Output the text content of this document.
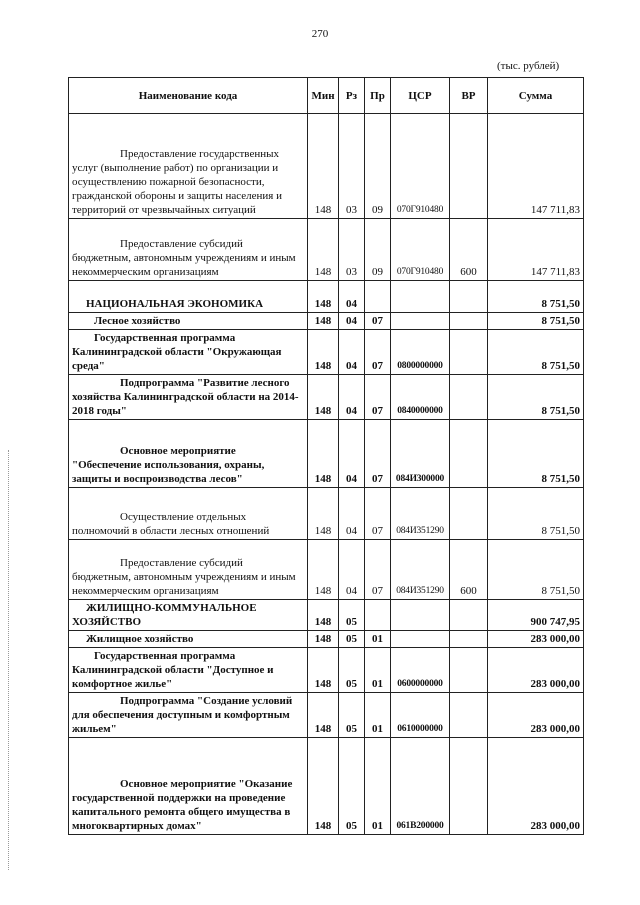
270
(тыс. рублей)
Наименование кода	Мин	Рз	Пр	ЦСР	ВР	Сумма

Предоставление государственных услуг (выполнение работ) по организации и осуществлению пожарной безопасности, гражданской обороны и защиты населения и территорий от чрезвычайных ситуаций	148	03	09	070Г910480		147 711,83
Предоставление субсидий бюджетным, автономным учреждениям и иным некоммерческим организациям	148	03	09	070Г910480	600	147 711,83
НАЦИОНАЛЬНАЯ ЭКОНОМИКА	148	04				8 751,50
Лесное хозяйство	148	04	07			8 751,50
Государственная программа Калининградской области "Окружающая среда"	148	04	07	0800000000		8 751,50
Подпрограмма "Развитие лесного хозяйства Калининградской области на 2014-2018 годы"	148	04	07	0840000000		8 751,50
Основное мероприятие "Обеспечение использования, охраны, защиты и воспроизводства лесов"	148	04	07	084И300000		8 751,50
Осуществление отдельных полномочий в области лесных отношений	148	04	07	084И351290		8 751,50
Предоставление субсидий бюджетным, автономным учреждениям и иным некоммерческим организациям	148	04	07	084И351290	600	8 751,50
ЖИЛИЩНО-КОММУНАЛЬНОЕ ХОЗЯЙСТВО	148	05				900 747,95
Жилищное хозяйство	148	05	01			283 000,00
Государственная программа Калининградской области "Доступное и комфортное жилье"	148	05	01	0600000000		283 000,00
Подпрограмма "Создание условий для обеспечения доступным и комфортным жильем"	148	05	01	0610000000		283 000,00
Основное мероприятие "Оказание государственной поддержки на проведение капитального ремонта общего имущества в многоквартирных домах"	148	05	01	061В200000		283 000,00
